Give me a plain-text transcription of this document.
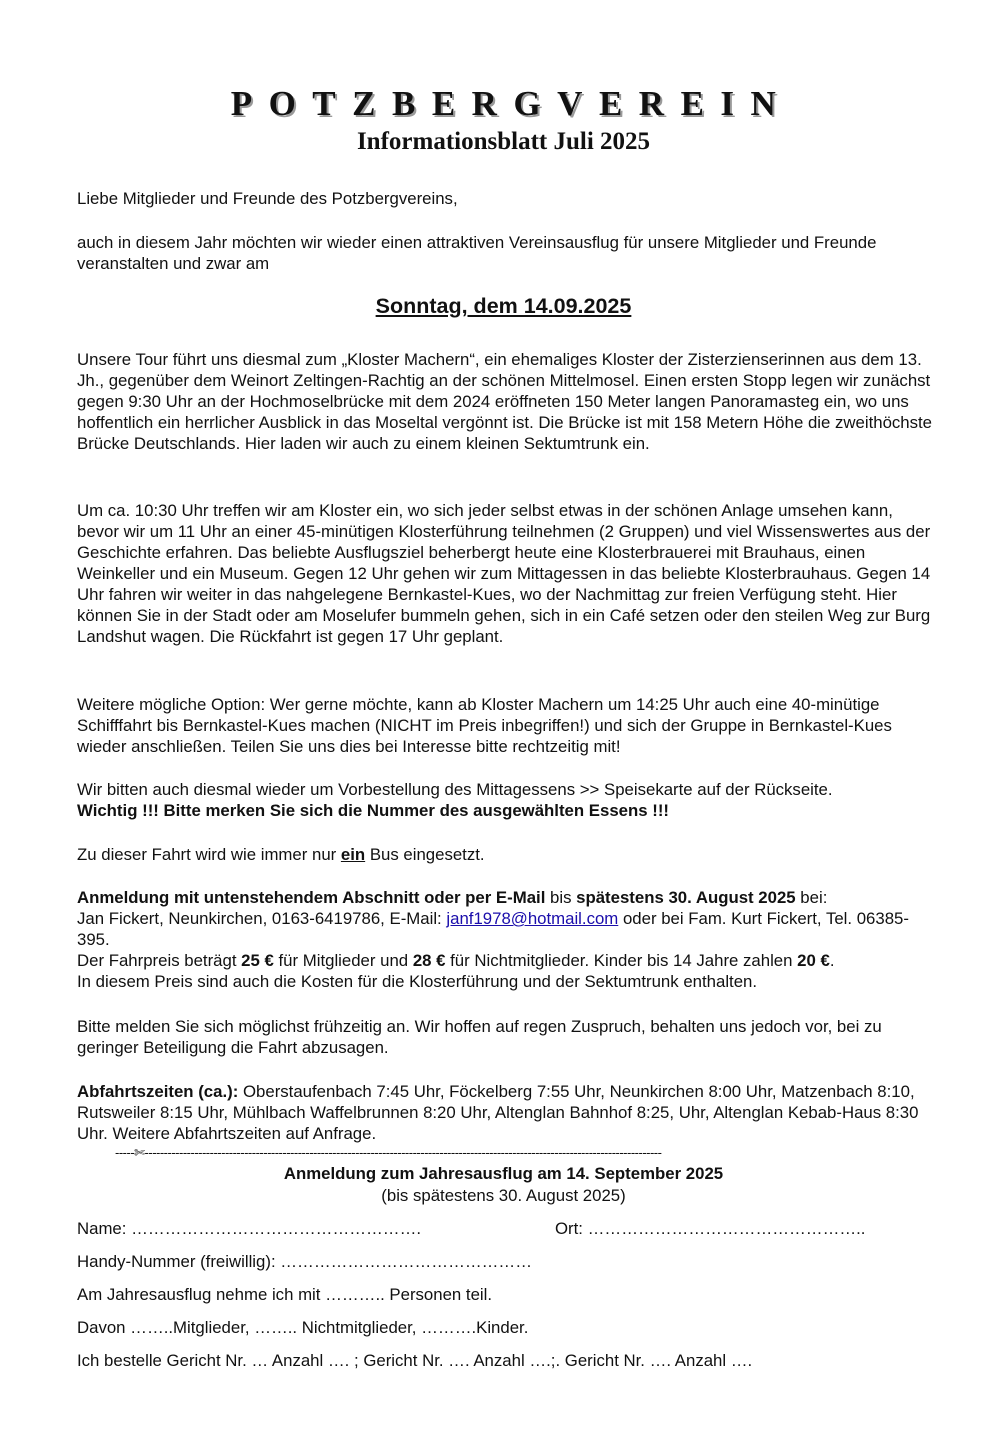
POTZBERGVEREIN
Informationsblatt Juli 2025

Liebe Mitglieder und Freunde des Potzbergvereins,

auch in diesem Jahr möchten wir wieder einen attraktiven Vereinsausflug für unsere Mitglieder und Freunde veranstalten und zwar am

Sonntag, dem 14.09.2025

Unsere Tour führt uns diesmal zum „Kloster Machern“, ein ehemaliges Kloster der Zisterzienserinnen aus dem 13. Jh., gegenüber dem Weinort Zeltingen-Rachtig an der schönen Mittelmosel. Einen ersten Stopp legen wir zunächst gegen 9:30 Uhr an der Hochmoselbrücke mit dem 2024 eröffneten 150 Meter langen Panoramasteg ein, wo uns hoffentlich ein herrlicher Ausblick in das Moseltal vergönnt ist. Die Brücke ist mit 158 Metern Höhe die zweithöchste Brücke Deutschlands. Hier laden wir auch zu einem kleinen Sektumtrunk ein.

Um ca. 10:30 Uhr treffen wir am Kloster ein, wo sich jeder selbst etwas in der schönen Anlage umsehen kann, bevor wir um 11 Uhr an einer 45-minütigen Klosterführung teilnehmen (2 Gruppen) und viel Wissenswertes aus der Geschichte erfahren. Das beliebte Ausflugsziel beherbergt heute eine Klosterbrauerei mit Brauhaus, einen Weinkeller und ein Museum. Gegen 12 Uhr gehen wir zum Mittagessen in das beliebte Klosterbrauhaus. Gegen 14 Uhr fahren wir weiter in das nahgelegene Bernkastel-Kues, wo der Nachmittag zur freien Verfügung steht. Hier können Sie in der Stadt oder am Moselufer bummeln gehen, sich in ein Café setzen oder den steilen Weg zur Burg Landshut wagen. Die Rückfahrt ist gegen 17 Uhr geplant.

Weitere mögliche Option: Wer gerne möchte, kann ab Kloster Machern um 14:25 Uhr auch eine 40-minütige Schifffahrt bis Bernkastel-Kues machen (NICHT im Preis inbegriffen!) und sich der Gruppe in Bernkastel-Kues wieder anschließen. Teilen Sie uns dies bei Interesse bitte rechtzeitig mit!

Wir bitten auch diesmal wieder um Vorbestellung des Mittagessens >> Speisekarte auf der Rückseite.

Wichtig !!! Bitte merken Sie sich die Nummer des ausgewählten Essens !!!

Zu dieser Fahrt wird wie immer nur ein Bus eingesetzt.

Anmeldung mit untenstehendem Abschnitt oder per E-Mail bis spätestens 30. August 2025 bei:

Jan Fickert, Neunkirchen, 0163-6419786, E-Mail: janf1978@hotmail.com oder bei Fam. Kurt Fickert, Tel. 06385-395.

Der Fahrpreis beträgt 25 € für Mitglieder und 28 € für Nichtmitglieder. Kinder bis 14 Jahre zahlen 20 €.

In diesem Preis sind auch die Kosten für die Klosterführung und der Sektumtrunk enthalten.

Bitte melden Sie sich möglichst frühzeitig an. Wir hoffen auf regen Zuspruch, behalten uns jedoch vor, bei zu geringer Beteiligung die Fahrt abzusagen.

Abfahrtszeiten (ca.): Oberstaufenbach 7:45 Uhr, Föckelberg 7:55 Uhr, Neunkirchen 8:00 Uhr, Matzenbach 8:10, Rutsweiler 8:15 Uhr, Mühlbach Waffelbrunnen 8:20 Uhr, Altenglan Bahnhof 8:25, Uhr, Altenglan Kebab-Haus 8:30 Uhr. Weitere Abfahrtszeiten auf Anfrage.

-----✄---------------------------------------------------------------------------------------------------------------------------------------
Anmeldung zum Jahresausflug am 14. September 2025
(bis spätestens 30. August 2025)
Name: …………………………………………….	Ort: …………………………………………..
Handy-Nummer (freiwillig): ………………………………………
Am Jahresausflug nehme ich mit ……….. Personen teil.
Davon ……..Mitglieder, …….. Nichtmitglieder, ……….Kinder.
Ich bestelle Gericht Nr. … Anzahl …. ; Gericht Nr. …. Anzahl ….;. Gericht Nr. …. Anzahl ….
